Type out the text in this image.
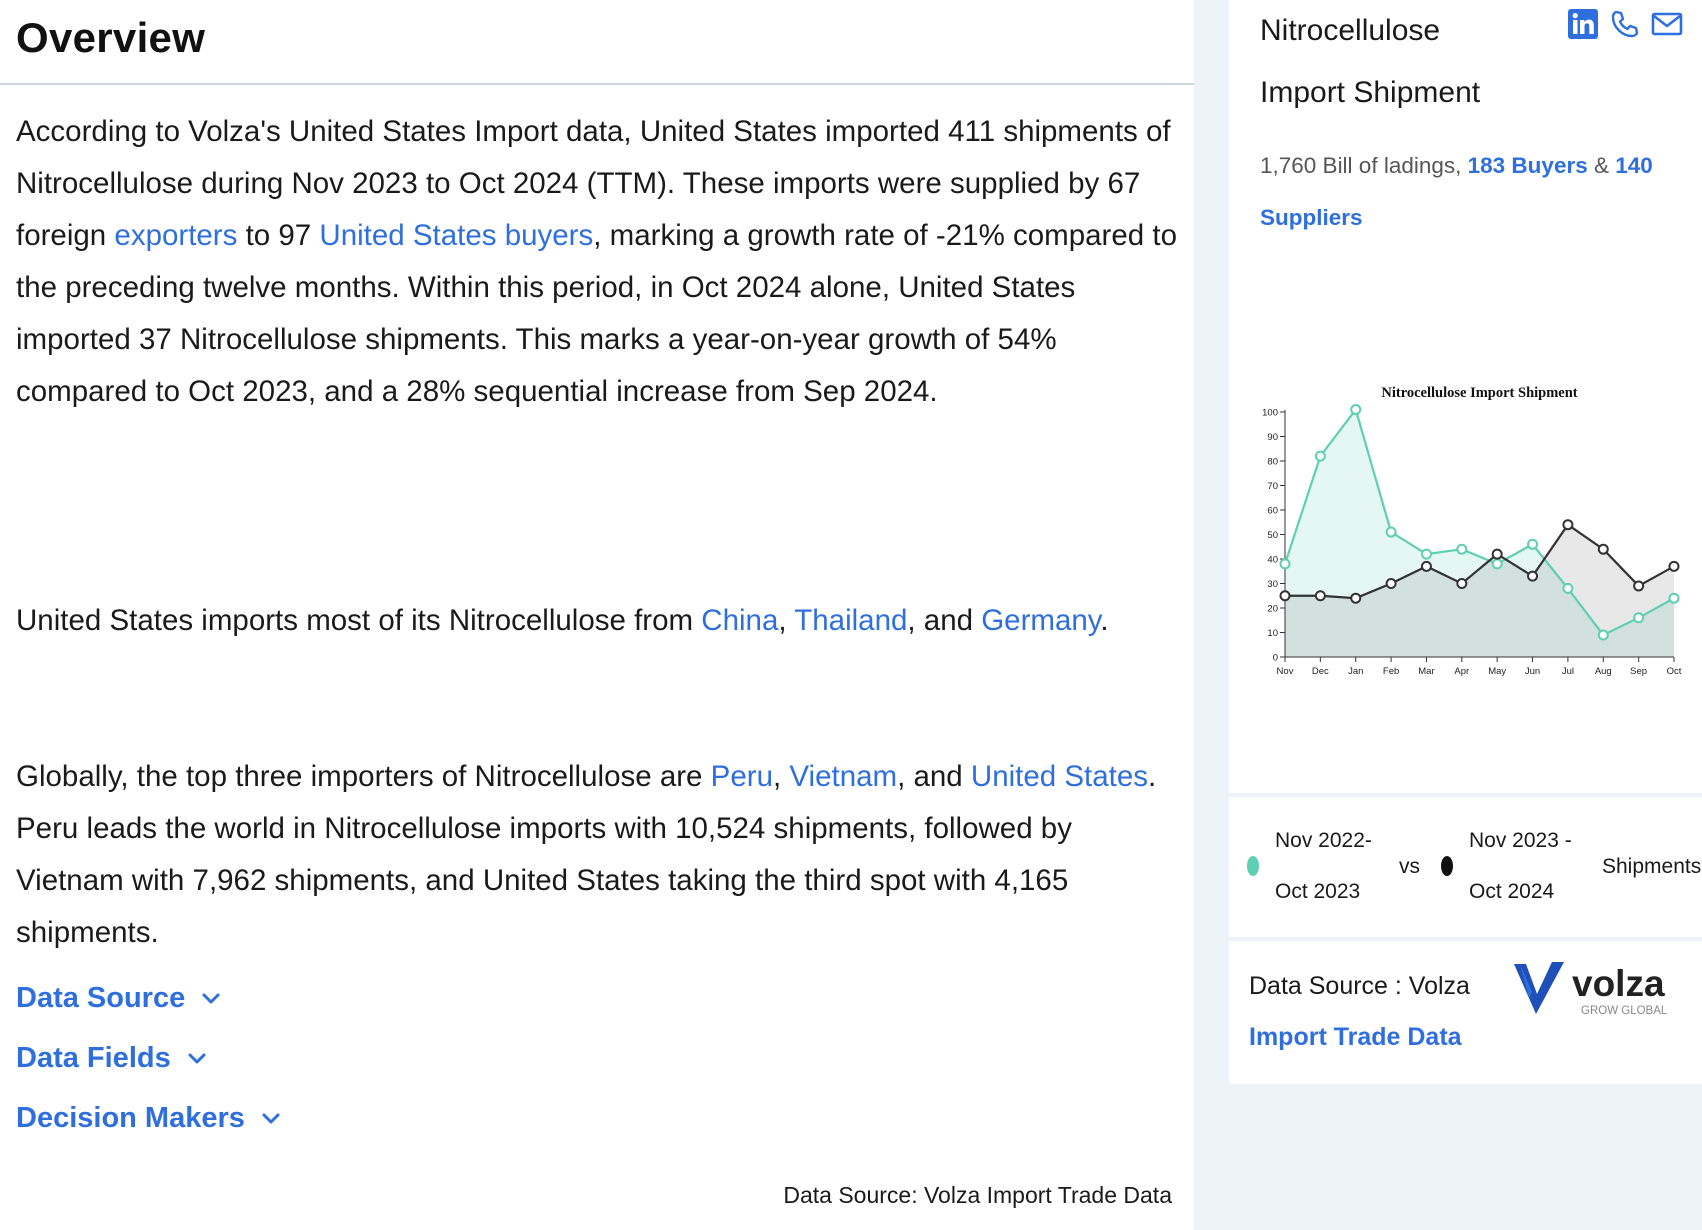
Overview

According to Volza's United States Import data, United States imported 411 shipments of Nitrocellulose during Nov 2023 to Oct 2024 (TTM). These imports were supplied by 67 foreign exporters to 97 United States buyers, marking a growth rate of -21% compared to the preceding twelve months. Within this period, in Oct 2024 alone, United States imported 37 Nitrocellulose shipments. This marks a year-on-year growth of 54% compared to Oct 2023, and a 28% sequential increase from Sep 2024.

United States imports most of its Nitrocellulose from China, Thailand, and Germany.

Globally, the top three importers of Nitrocellulose are Peru, Vietnam, and United States. Peru leads the world in Nitrocellulose imports with 10,524 shipments, followed by Vietnam with 7,962 shipments, and United States taking the third spot with 4,165 shipments.

Data Source
Data Fields
Decision Makers
Data Source: Volza Import Trade Data
Nitrocellulose
Import Shipment

1,760 Bill of ladings, 183 Buyers & 140 Suppliers

Nitrocellulose Import Shipment
0
10
20
30
40
50
60
70
80
90
100
Nov Dec Jan Feb Mar Apr May Jun Jul Aug Sep Oct
Nov 2022-
Oct 2023
vs
Nov 2023 -
Oct 2024
Shipments
Data Source : Volza
Import Trade Data
volza
GROW GLOBAL
